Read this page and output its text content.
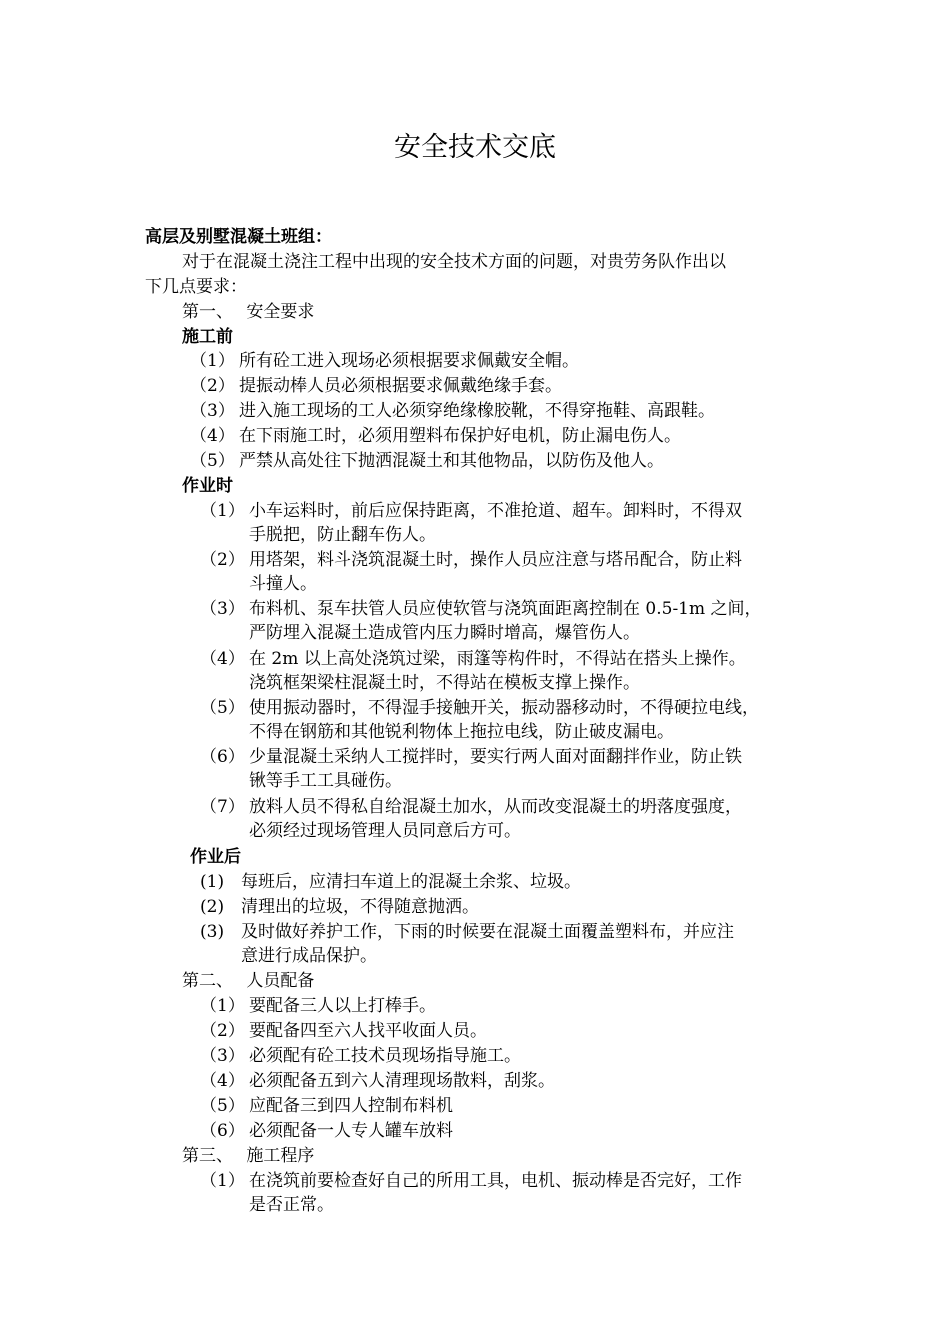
安全技术交底
高层及别墅混凝土班组：
对于在混凝土浇注工程中出现的安全技术方面的问题，对贵劳务队作出以
下几点要求：
第一、 安全要求
施工前
（1） 所有砼工进入现场必须根据要求佩戴安全帽。
（2） 提振动棒人员必须根据要求佩戴绝缘手套。
（3） 进入施工现场的工人必须穿绝缘橡胶靴，不得穿拖鞋、高跟鞋。
（4） 在下雨施工时，必须用塑料布保护好电机，防止漏电伤人。
（5） 严禁从高处往下抛洒混凝土和其他物品，以防伤及他人。
作业时
（1） 小车运料时，前后应保持距离，不准抢道、超车。卸料时，不得双
手脱把，防止翻车伤人。
（2） 用塔架，料斗浇筑混凝土时，操作人员应注意与塔吊配合，防止料
斗撞人。
（3） 布料机、泵车扶管人员应使软管与浇筑面距离控制在 0.5-1m 之间，
严防埋入混凝土造成管内压力瞬时增高，爆管伤人。
（4） 在 2m 以上高处浇筑过梁，雨篷等构件时，不得站在搭头上操作。
浇筑框架梁柱混凝土时，不得站在模板支撑上操作。
（5） 使用振动器时，不得湿手接触开关，振动器移动时，不得硬拉电线，
不得在钢筋和其他锐利物体上拖拉电线，防止破皮漏电。
（6） 少量混凝土采纳人工搅拌时，要实行两人面对面翻拌作业，防止铁
锹等手工工具碰伤。
（7） 放料人员不得私自给混凝土加水，从而改变混凝土的坍落度强度，
必须经过现场管理人员同意后方可。
作业后
(1) 每班后，应清扫车道上的混凝土余浆、垃圾。
(2) 清理出的垃圾，不得随意抛洒。
(3) 及时做好养护工作，下雨的时候要在混凝土面覆盖塑料布，并应注
意进行成品保护。
第二、 人员配备
（1） 要配备三人以上打棒手。
（2） 要配备四至六人找平收面人员。
（3） 必须配有砼工技术员现场指导施工。
（4） 必须配备五到六人清理现场散料，刮浆。
（5） 应配备三到四人控制布料机
（6） 必须配备一人专人罐车放料
第三、 施工程序
（1） 在浇筑前要检查好自己的所用工具，电机、振动棒是否完好，工作
是否正常。
